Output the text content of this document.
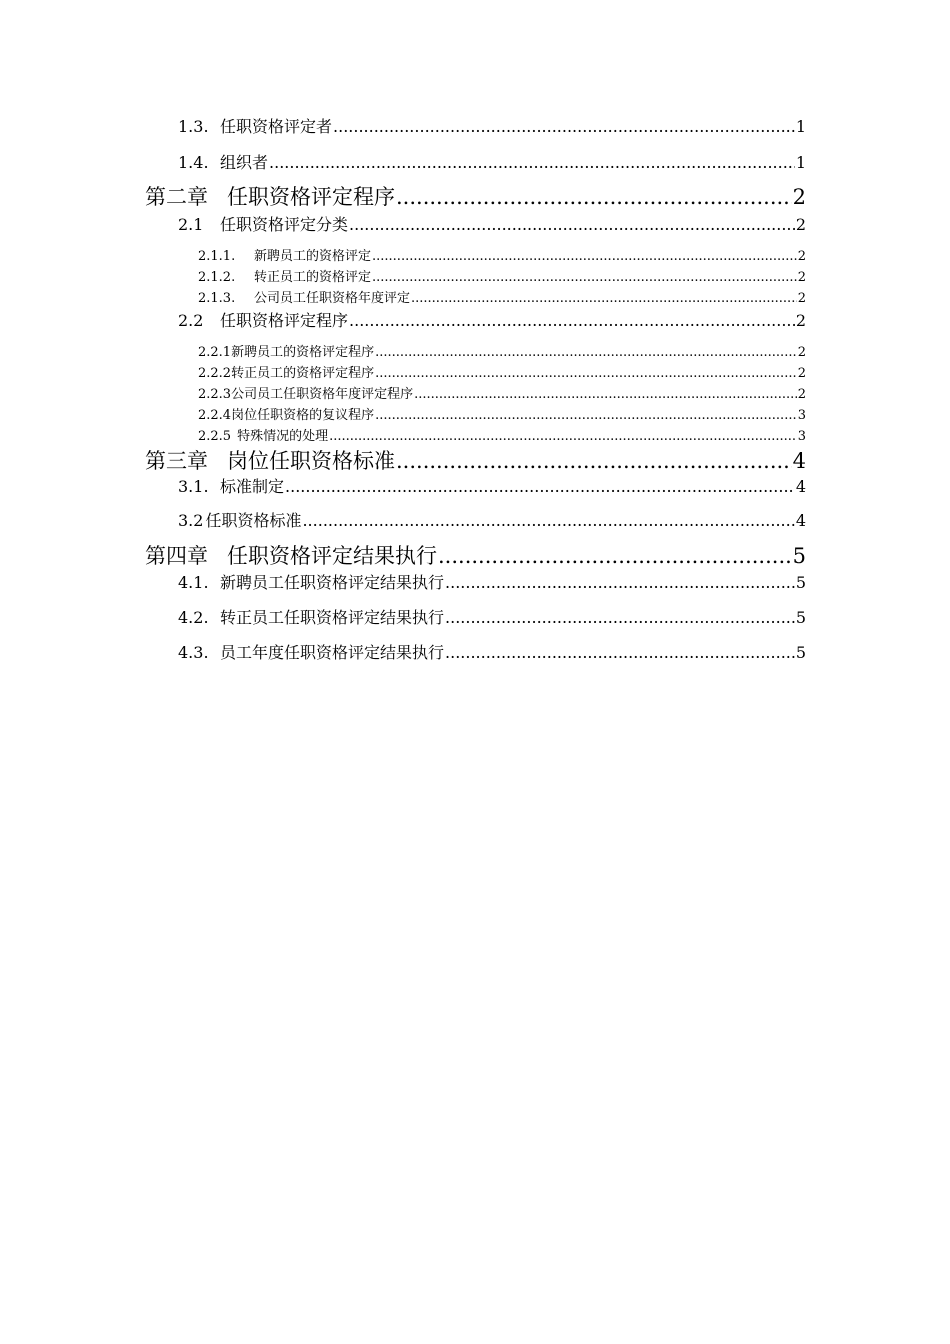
1.3. 任职资格评定者 .....	1
1.4. 组织者 .....	1
第二章 任职资格评定程序 .....	2
2.1	任职资格评定分类 .....	2
2.1.1.	新聘员工的资格评定 .....	2
2.1.2.	转正员工的资格评定 .....	2
2.1.3.	公司员工任职资格年度评定 .....	2
2.2	任职资格评定程序 .....	2
2.2.1 新聘员工的资格评定程序 .....	2
2.2.2 转正员工的资格评定程序 .....	2
2.2.3 公司员工任职资格年度评定程序 .....	2
2.2.4 岗位任职资格的复议程序 .....	3
2.2.5 特殊情况的处理 .....	3
第三章 岗位任职资格标准 .....	4
3.1. 标准制定 .....	4
3.2 任职资格标准 .....	4
第四章 任职资格评定结果执行 .....	5
4.1. 新聘员工任职资格评定结果执行 .....	5
4.2. 转正员工任职资格评定结果执行 .....	5
4.3. 员工年度任职资格评定结果执行 .....	5
